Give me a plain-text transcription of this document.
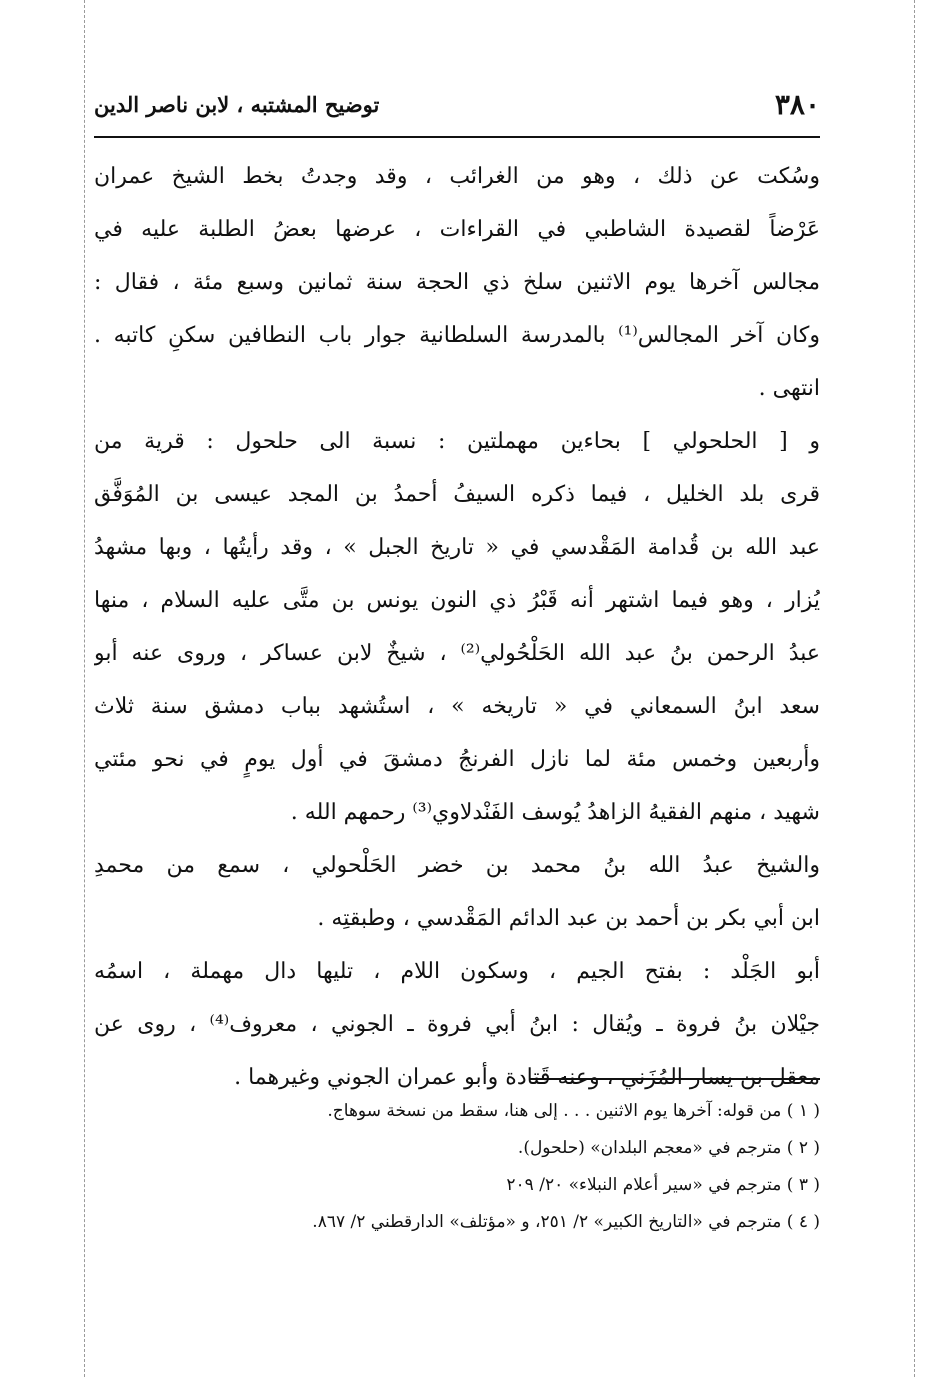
٣٨٠
توضيح المشتبه ، لابن ناصر الدين
وسُكت عن ذلك ، وهو من الغرائب ، وقد وجدتُ بخط الشيخ عمران
عَرْضاً لقصيدة الشاطبي في القراءات ، عرضها بعضُ الطلبة عليه في
مجالس آخرها يوم الاثنين سلخ ذي الحجة سنة ثمانين وسبع مئة ، فقال :
وكان آخر المجالس⁽¹⁾ بالمدرسة السلطانية جوار باب النطافين سكنِ كاتبه .
انتهى .
و [ الحلحولي ] بحاءين مهملتين : نسبة الى حلحول : قرية من
قرى بلد الخليل ، فيما ذكره السيفُ أحمدُ بن المجد عيسى بن المُوَفَّق
عبد الله بن قُدامة المَقْدسي في « تاريخ الجبل » ، وقد رأيتُها ، وبها مشهدُ
يُزار ، وهو فيما اشتهر أنه قَبْرُ ذي النون يونس بن متَّى عليه السلام ، منها
عبدُ الرحمن بنُ عبد الله الحَلْحُولي⁽²⁾ ، شيخٌ لابن عساكر ، وروى عنه أبو
سعد ابنُ السمعاني في « تاريخه » ، استُشهد بباب دمشق سنة ثلاث
وأربعين وخمس مئة لما نازل الفرنجُ دمشقَ في أول يومٍ في نحو مئتي
شهيد ، منهم الفقيهُ الزاهدُ يُوسف الفَنْدلاوي⁽³⁾ رحمهم الله .
والشيخ عبدُ الله بنُ محمد بن خضر الحَلْحولي ، سمع من محمدِ
ابن أبي بكر بن أحمد بن عبد الدائم المَقْدسي ، وطبقتِه .
أبو الجَلْد : بفتح الجيم ، وسكون اللام ، تليها دال مهملة ، اسمُه
جيْلان بنُ فروة ـ ويُقال : ابنُ أبي فروة ـ الجوني ، معروف⁽⁴⁾ ، روى عن
معقل بن يسار المُزَني ، وعنه قَتادة وأبو عمران الجوني وغيرهما .
( ١ ) من قوله: آخرها يوم الاثنين . . . إلى هنا، سقط من نسخة سوهاج.
( ٢ ) مترجم في «معجم البلدان» (حلحول).
( ٣ ) مترجم في «سير أعلام النبلاء» ٢٠/ ٢٠٩
( ٤ ) مترجم في «التاريخ الكبير» ٢/ ٢٥١، و «مؤتلف» الدارقطني ٢/ ٨٦٧.
